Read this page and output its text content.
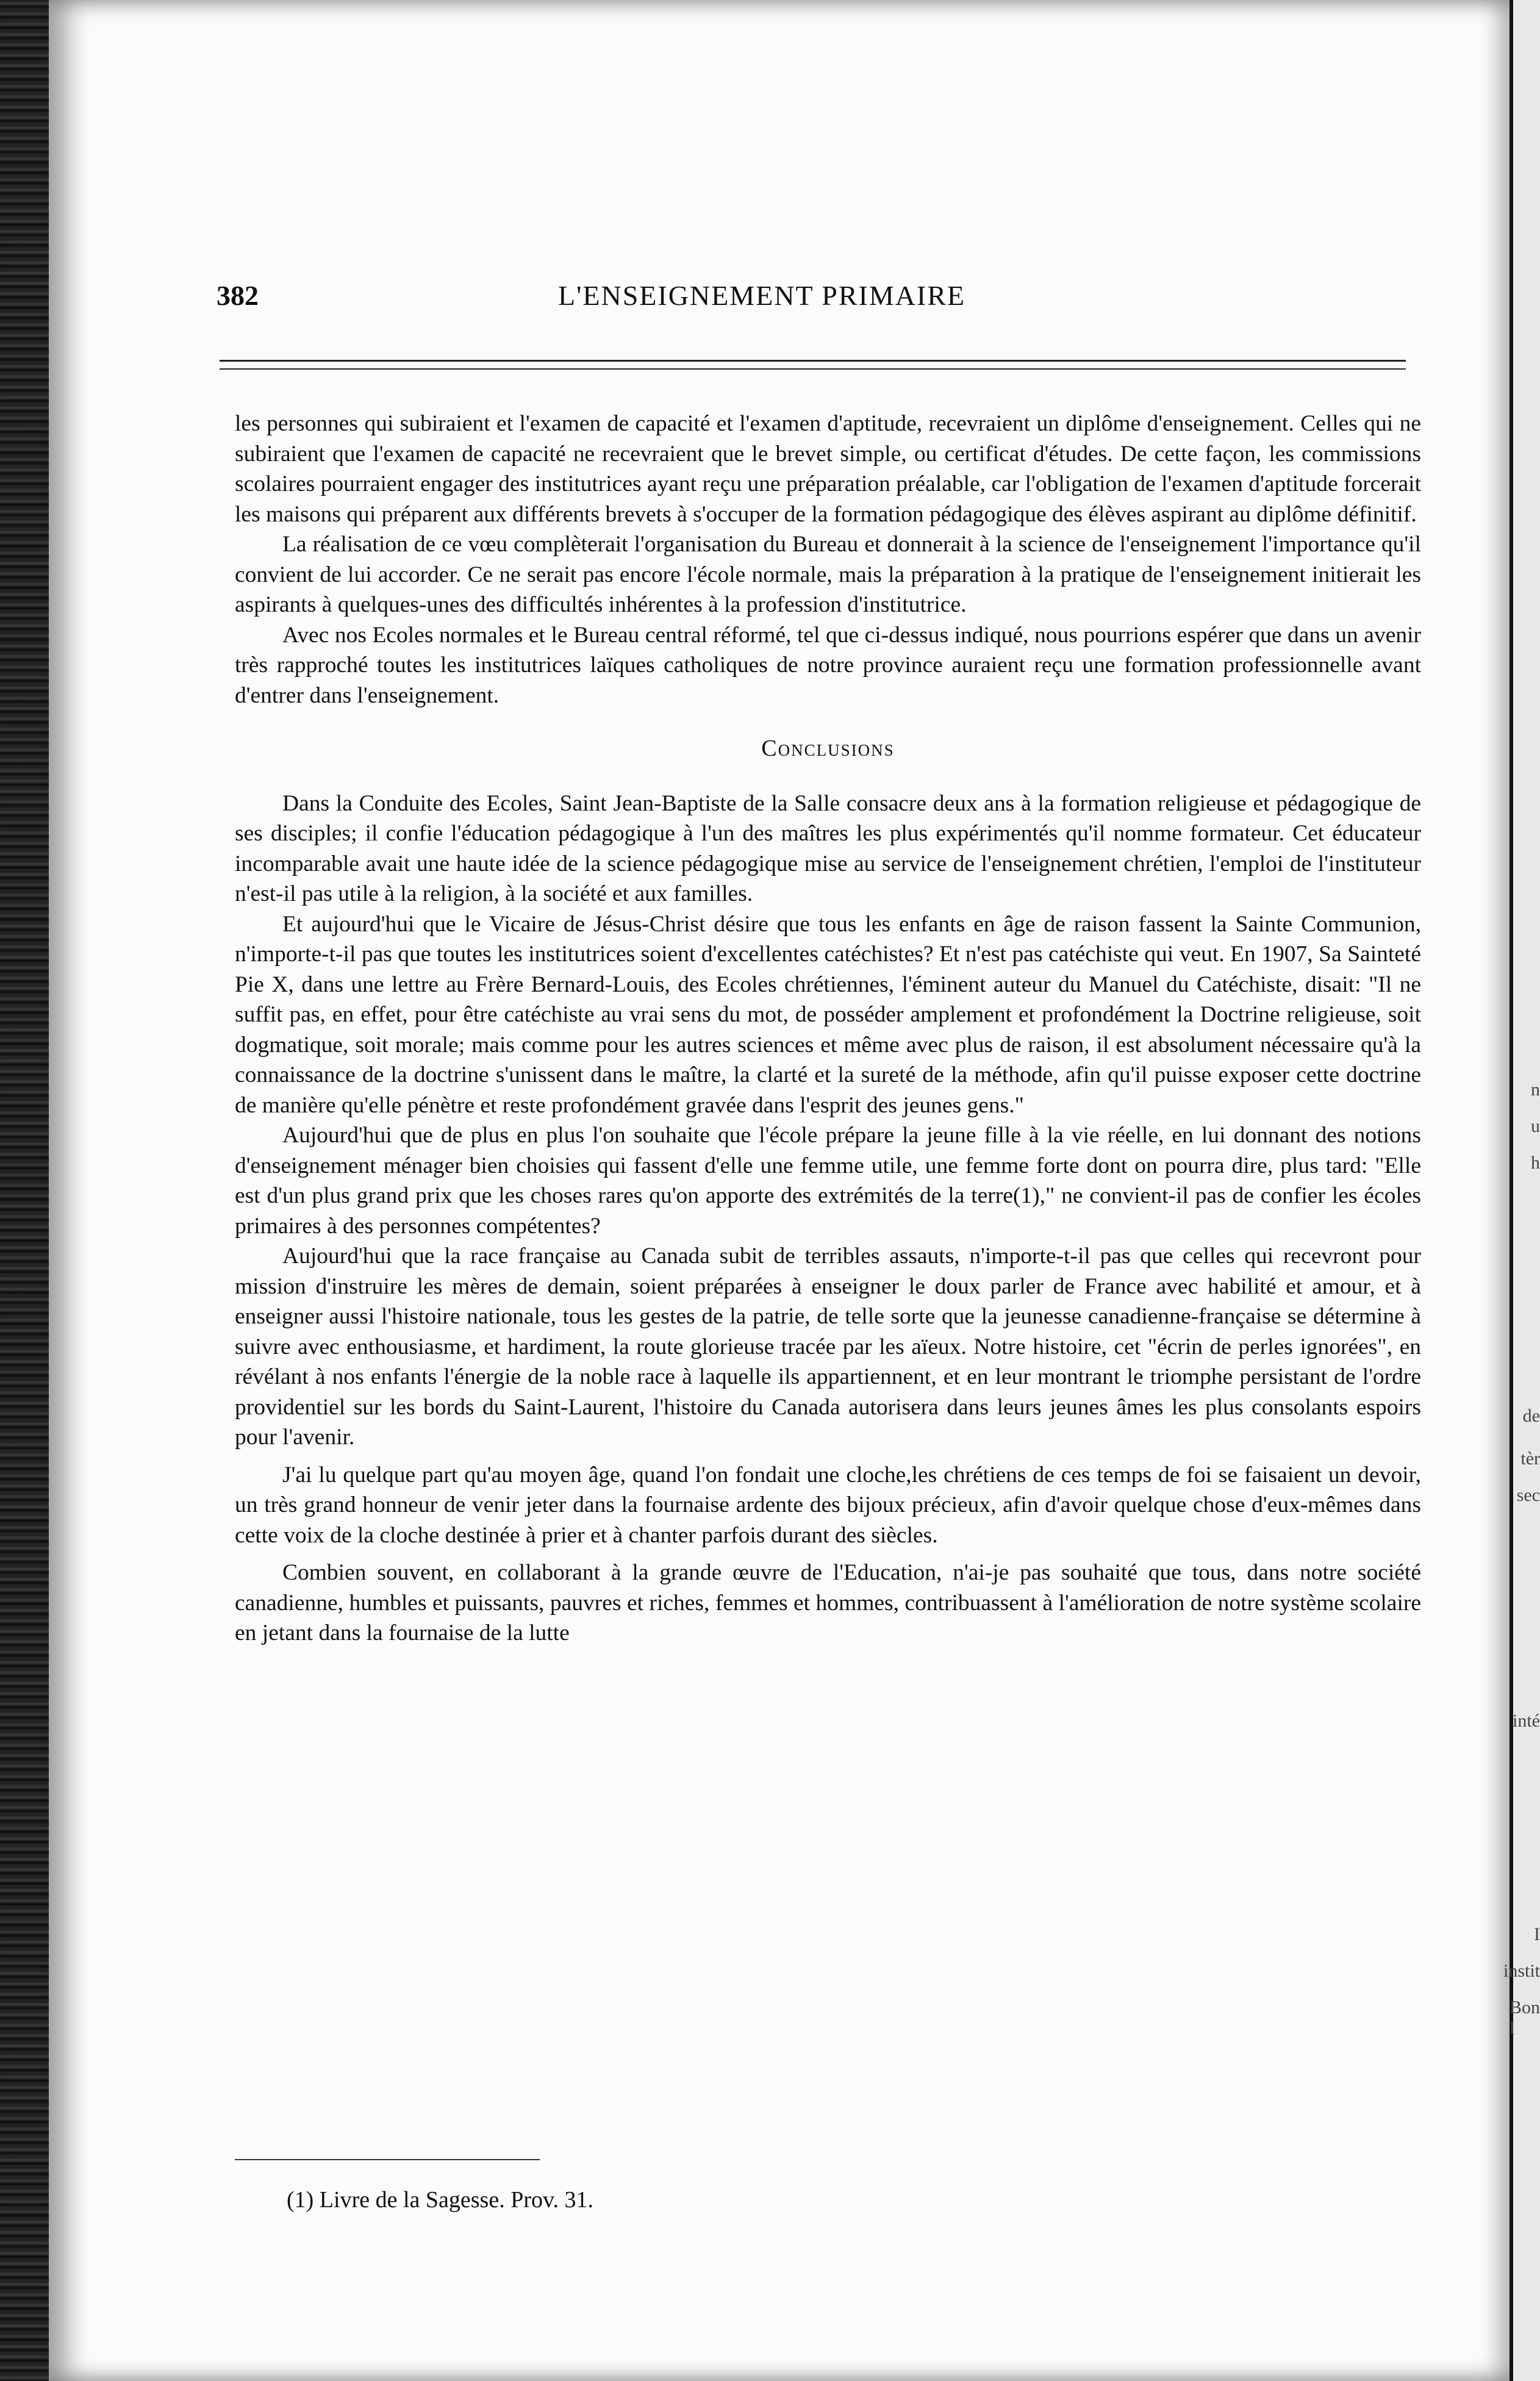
n
u
h
de
tèr
sec
inté
I
instit
Bon l
382	L'ENSEIGNEMENT PRIMAIRE

les personnes qui subiraient et l'examen de capacité et l'examen d'aptitude, recevraient un diplôme d'enseignement. Celles qui ne subiraient que l'examen de capacité ne recevraient que le brevet simple, ou certificat d'études. De cette façon, les commissions scolaires pourraient engager des institutrices ayant reçu une préparation préalable, car l'obligation de l'examen d'aptitude forcerait les maisons qui préparent aux différents brevets à s'occuper de la formation pédagogique des élèves aspirant au diplôme définitif.

La réalisation de ce vœu complèterait l'organisation du Bureau et donnerait à la science de l'enseignement l'importance qu'il convient de lui accorder. Ce ne serait pas encore l'école normale, mais la préparation à la pratique de l'enseignement initierait les aspirants à quelques-unes des difficultés inhérentes à la profession d'institutrice.

Avec nos Ecoles normales et le Bureau central réformé, tel que ci-dessus indiqué, nous pourrions espérer que dans un avenir très rapproché toutes les institutrices laïques catholiques de notre province auraient reçu une formation professionnelle avant d'entrer dans l'enseignement.

Conclusions

Dans la Conduite des Ecoles, Saint Jean-Baptiste de la Salle consacre deux ans à la formation religieuse et pédagogique de ses disciples; il confie l'éducation pédagogique à l'un des maîtres les plus expérimentés qu'il nomme formateur. Cet éducateur incomparable avait une haute idée de la science pédagogique mise au service de l'enseignement chrétien, l'emploi de l'instituteur n'est-il pas utile à la religion, à la société et aux familles.

Et aujourd'hui que le Vicaire de Jésus-Christ désire que tous les enfants en âge de raison fassent la Sainte Communion, n'importe-t-il pas que toutes les institutrices soient d'excellentes catéchistes? Et n'est pas catéchiste qui veut. En 1907, Sa Sainteté Pie X, dans une lettre au Frère Bernard-Louis, des Ecoles chrétiennes, l'éminent auteur du Manuel du Catéchiste, disait: "Il ne suffit pas, en effet, pour être catéchiste au vrai sens du mot, de posséder amplement et profondément la Doctrine religieuse, soit dogmatique, soit morale; mais comme pour les autres sciences et même avec plus de raison, il est absolument nécessaire qu'à la connaissance de la doctrine s'unissent dans le maître, la clarté et la sureté de la méthode, afin qu'il puisse exposer cette doctrine de manière qu'elle pénètre et reste profondément gravée dans l'esprit des jeunes gens."

Aujourd'hui que de plus en plus l'on souhaite que l'école prépare la jeune fille à la vie réelle, en lui donnant des notions d'enseignement ménager bien choisies qui fassent d'elle une femme utile, une femme forte dont on pourra dire, plus tard: "Elle est d'un plus grand prix que les choses rares qu'on apporte des extrémités de la terre(1)," ne convient-il pas de confier les écoles primaires à des personnes compétentes?

Aujourd'hui que la race française au Canada subit de terribles assauts, n'importe-t-il pas que celles qui recevront pour mission d'instruire les mères de demain, soient préparées à enseigner le doux parler de France avec habilité et amour, et à enseigner aussi l'histoire nationale, tous les gestes de la patrie, de telle sorte que la jeunesse canadienne-française se détermine à suivre avec enthousiasme, et hardiment, la route glorieuse tracée par les aïeux. Notre histoire, cet "écrin de perles ignorées", en révélant à nos enfants l'énergie de la noble race à laquelle ils appartiennent, et en leur montrant le triomphe persistant de l'ordre providentiel sur les bords du Saint-Laurent, l'histoire du Canada autorisera dans leurs jeunes âmes les plus consolants espoirs pour l'avenir.

J'ai lu quelque part qu'au moyen âge, quand l'on fondait une cloche,les chrétiens de ces temps de foi se faisaient un devoir, un très grand honneur de venir jeter dans la fournaise ardente des bijoux précieux, afin d'avoir quelque chose d'eux-mêmes dans cette voix de la cloche destinée à prier et à chanter parfois durant des siècles.

Combien souvent, en collaborant à la grande œuvre de l'Education, n'ai-je pas souhaité que tous, dans notre société canadienne, humbles et puissants, pauvres et riches, femmes et hommes, contribuassent à l'amélioration de notre système scolaire en jetant dans la fournaise de la lutte

(1) Livre de la Sagesse. Prov. 31.
